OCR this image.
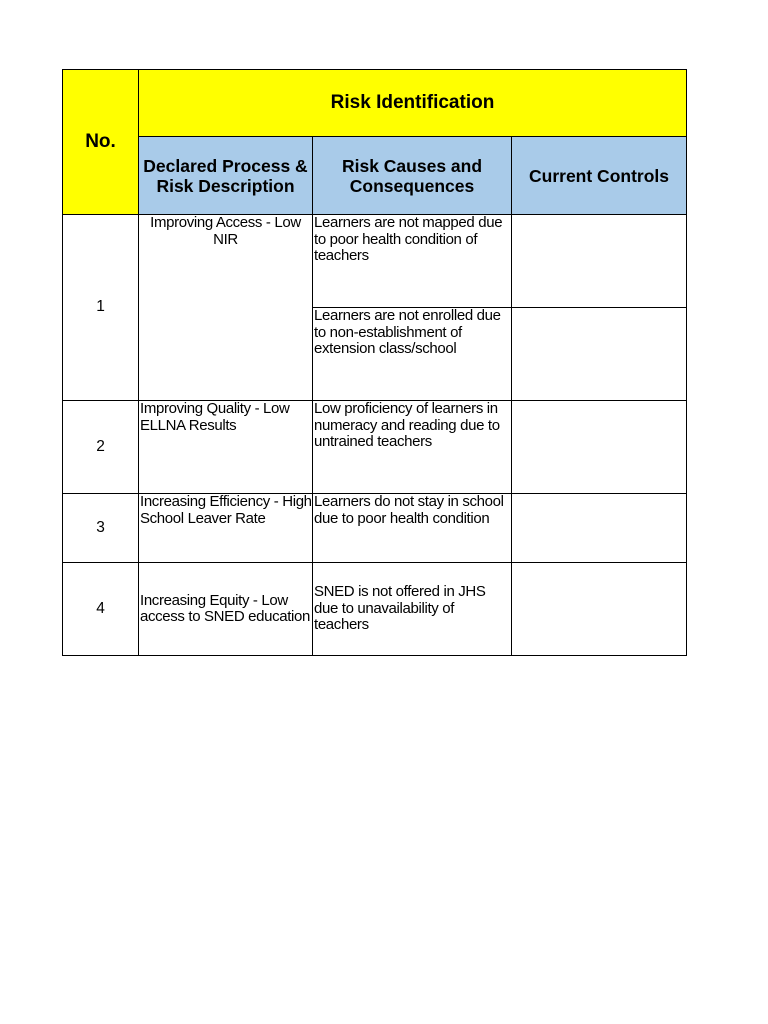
No.	Risk Identification		
	Declared Process & Risk Description	Risk Causes and Consequences	Current Controls
1	Improving Access - Low NIR	Learners are not mapped due to poor health condition of teachers	
		Learners are not enrolled due to non-establishment of extension class/school	
2	Improving Quality - Low ELLNA Results	Low proficiency of learners in numeracy and reading due to untrained teachers	
3	Increasing Efficiency - High School Leaver Rate	Learners do not stay in school due to poor health condition	
4	Increasing Equity - Low access to SNED education	SNED is not offered in JHS due to unavailability of teachers	
